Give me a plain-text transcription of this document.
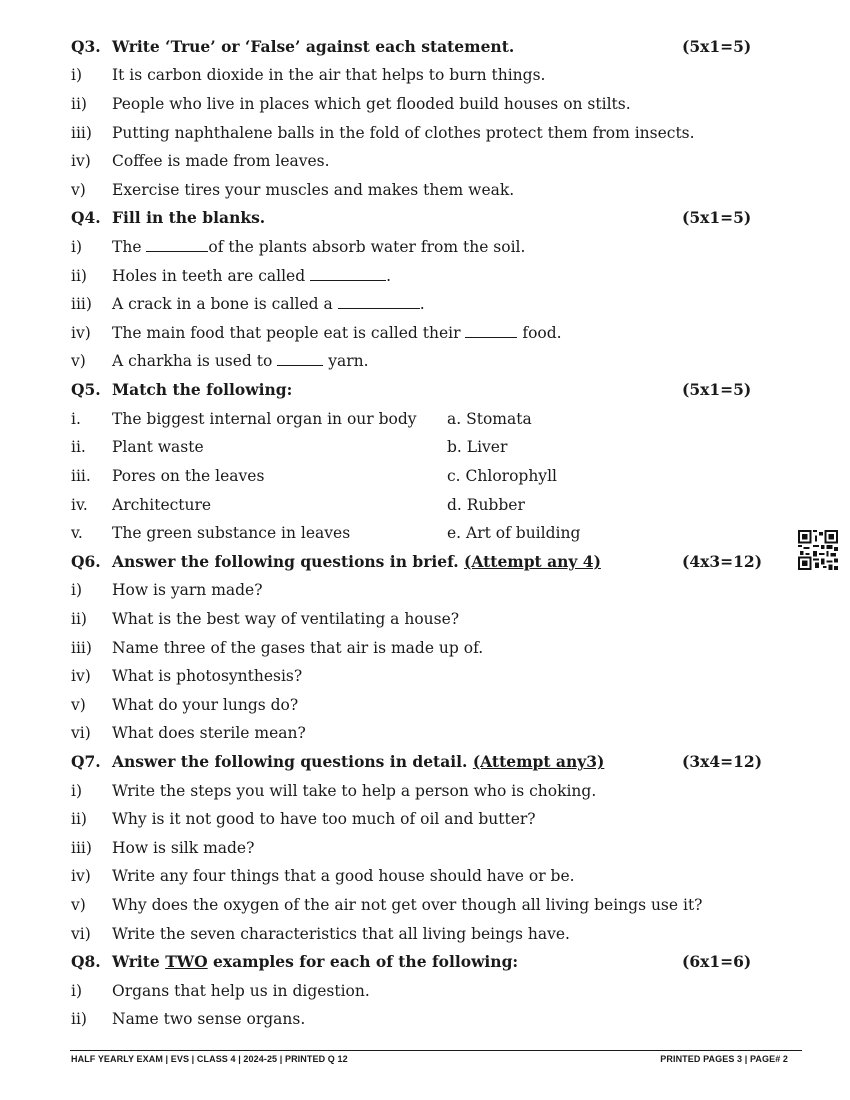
Q3. Write ‘True’ or ‘False’ against each statement.	(5x1=5)
i) It is carbon dioxide in the air that helps to burn things.
ii) People who live in places which get flooded build houses on stilts.
iii) Putting naphthalene balls in the fold of clothes protect them from insects.
iv) Coffee is made from leaves.
v) Exercise tires your muscles and makes them weak.
Q4. Fill in the blanks.	(5x1=5)
i) The	of the plants absorb water from the soil.
ii) Holes in teeth are called	.
iii) A crack in a bone is called a	.
iv) The main food that people eat is called their	food.
v) A charkha is used to	yarn.
Q5. Match the following:	(5x1=5)
i. The biggest internal organ in our body a. Stomata
ii. Plant waste	b. Liver
iii. Pores on the leaves	c. Chlorophyll
iv. Architecture	d. Rubber
v. The green substance in leaves	e. Art of building
Q6. Answer the following questions in brief. (Attempt any 4)	(4x3=12)
i) How is yarn made?
ii) What is the best way of ventilating a house?
iii) Name three of the gases that air is made up of.
iv) What is photosynthesis?
v) What do your lungs do?
vi) What does sterile mean?
Q7. Answer the following questions in detail. (Attempt any3)	(3x4=12)
i) Write the steps you will take to help a person who is choking.
ii) Why is it not good to have too much of oil and butter?
iii) How is silk made?
iv) Write any four things that a good house should have or be.
v) Why does the oxygen of the air not get over though all living beings use it?
vi) Write the seven characteristics that all living beings have.
Q8. Write TWO examples for each of the following:	(6x1=6)
i) Organs that help us in digestion.
ii) Name two sense organs.
HALF YEARLY EXAM | EVS | CLASS 4 | 2024-25 | PRINTED Q 12	PRINTED PAGES 3 | PAGE# 2
